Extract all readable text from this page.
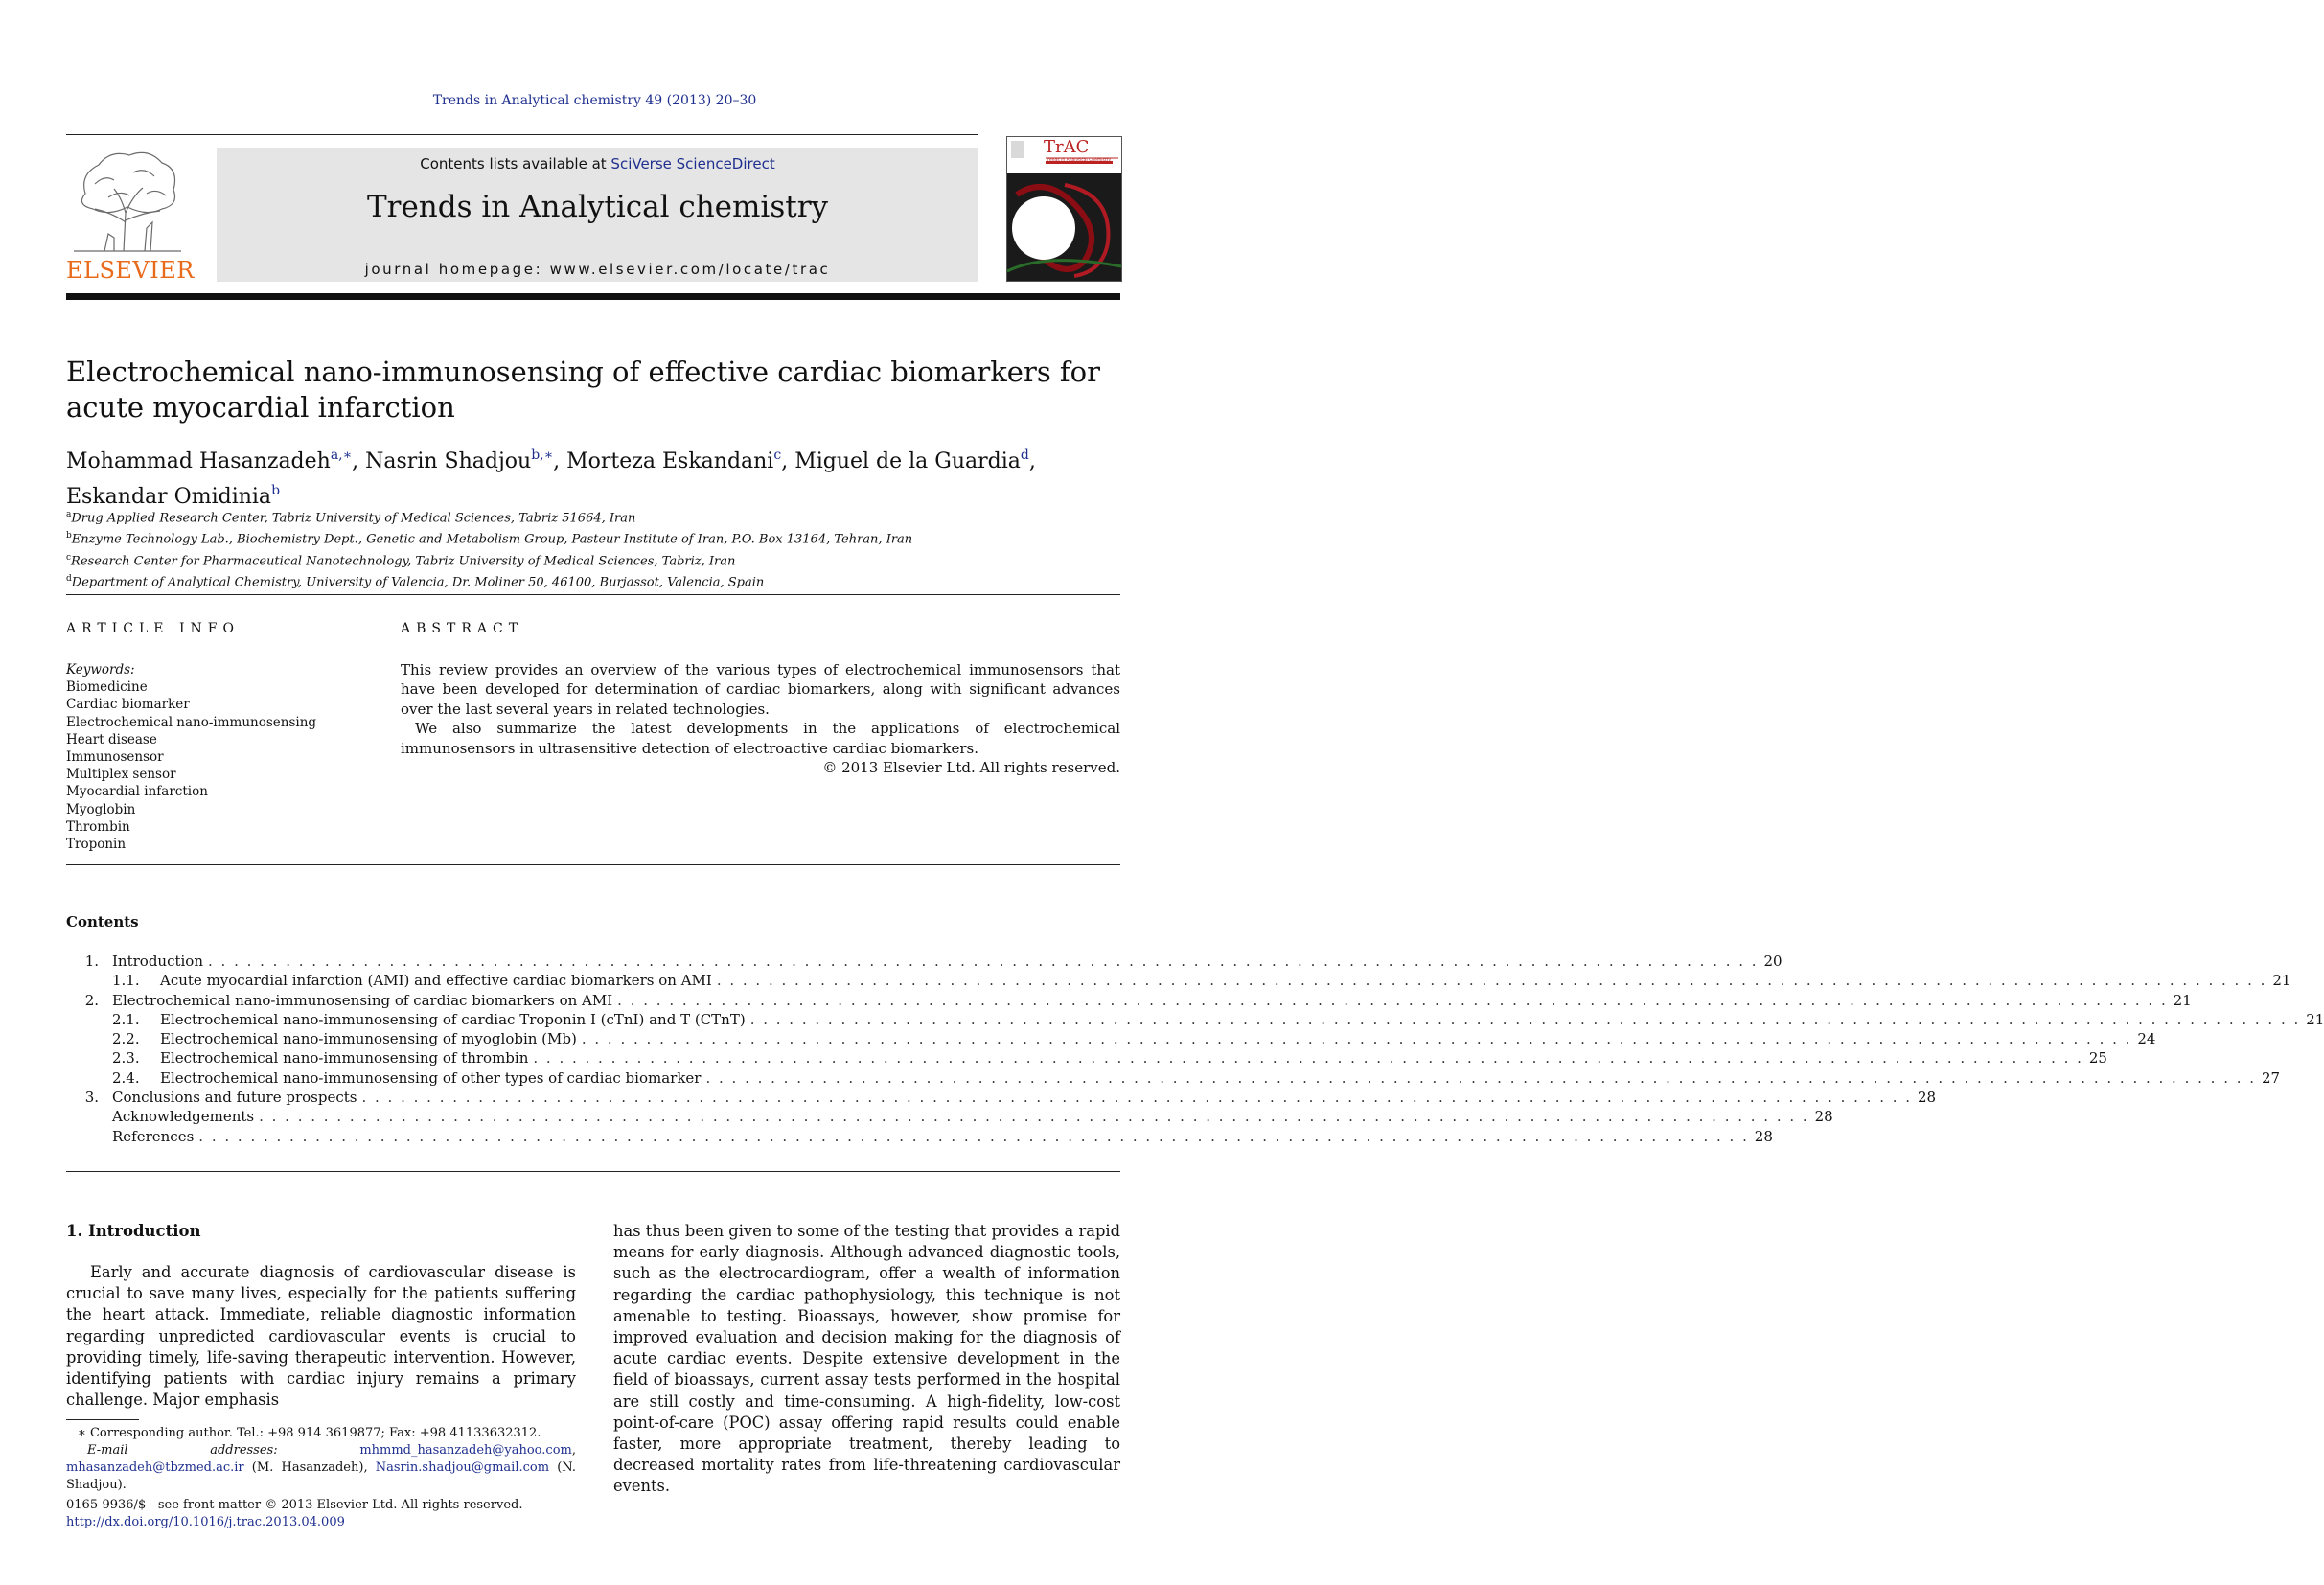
Trends in Analytical chemistry 49 (2013) 20–30
ELSEVIER
Contents lists available at SciVerse ScienceDirect
Trends in Analytical chemistry
journal homepage: www.elsevier.com/locate/trac
TrAC
Trends in Analytical Chemistry
Electrochemical nano-immunosensing of effective cardiac biomarkers for acute myocardial infarction
Mohammad Hasanzadeh$^{a,∗}$, Nasrin Shadjou$^{b,∗}$, Morteza Eskandani$^c$, Miguel de la Guardia$^d$,
Eskandar Omidinia$^b$
$^a$Drug Applied Research Center, Tabriz University of Medical Sciences, Tabriz 51664, Iran
$^b$Enzyme Technology Lab., Biochemistry Dept., Genetic and Metabolism Group, Pasteur Institute of Iran, P.O. Box 13164, Tehran, Iran
$^c$Research Center for Pharmaceutical Nanotechnology, Tabriz University of Medical Sciences, Tabriz, Iran
$^d$Department of Analytical Chemistry, University of Valencia, Dr. Moliner 50, 46100, Burjassot, Valencia, Spain
ARTICLE INFO
Keywords:
Biomedicine
Cardiac biomarker
Electrochemical nano-immunosensing
Heart disease
Immunosensor
Multiplex sensor
Myocardial infarction
Myoglobin
Thrombin
Troponin
ABSTRACT

This review provides an overview of the various types of electrochemical immunosensors that have been developed for determination of cardiac biomarkers, along with significant advances over the last several years in related technologies.

We also summarize the latest developments in the applications of electrochemical immunosensors in ultrasensitive detection of electroactive cardiac biomarkers.

© 2013 Elsevier Ltd. All rights reserved.

Contents
1. Introduction . . . . . . . . . . . . . . . . . . . . . . . . . . . . . . . . . . . . . . . . . . . . . . . . . . . . . . . . . . . . . . . . . . . . . . . . . . . . . . . . . . . . . . . . . . . . . . . . . . . . . . . . . . . . . . . . . . . . . . . . 20
1.1.	Acute myocardial infarction (AMI) and effective cardiac biomarkers on AMI . . . . . . . . . . . . . . . . . . . . . . . . . . . . . . . . . . . . . . . . . . . . . . . . . . . . . . . . . . . . . . . . . . . . . . . . . . . . . . . . . . . . . . . . . . . . . . . . . . . . . . . . . . . . . . . . . . . . . . . . 21
2. Electrochemical nano-immunosensing of cardiac biomarkers on AMI . . . . . . . . . . . . . . . . . . . . . . . . . . . . . . . . . . . . . . . . . . . . . . . . . . . . . . . . . . . . . . . . . . . . . . . . . . . . . . . . . . . . . . . . . . . . . . . . . . . . . . . . . . . . . . . . . . . . . . . . 21
2.1.	Electrochemical nano-immunosensing of cardiac Troponin I (cTnI) and T (CTnT) . . . . . . . . . . . . . . . . . . . . . . . . . . . . . . . . . . . . . . . . . . . . . . . . . . . . . . . . . . . . . . . . . . . . . . . . . . . . . . . . . . . . . . . . . . . . . . . . . . . . . . . . . . . . . . . . . . . . . . . . 21
2.2.	Electrochemical nano-immunosensing of myoglobin (Mb) . . . . . . . . . . . . . . . . . . . . . . . . . . . . . . . . . . . . . . . . . . . . . . . . . . . . . . . . . . . . . . . . . . . . . . . . . . . . . . . . . . . . . . . . . . . . . . . . . . . . . . . . . . . . . . . . . . . . . . . . 24
2.3.	Electrochemical nano-immunosensing of thrombin . . . . . . . . . . . . . . . . . . . . . . . . . . . . . . . . . . . . . . . . . . . . . . . . . . . . . . . . . . . . . . . . . . . . . . . . . . . . . . . . . . . . . . . . . . . . . . . . . . . . . . . . . . . . . . . . . . . . . . . . 25
2.4.	Electrochemical nano-immunosensing of other types of cardiac biomarker . . . . . . . . . . . . . . . . . . . . . . . . . . . . . . . . . . . . . . . . . . . . . . . . . . . . . . . . . . . . . . . . . . . . . . . . . . . . . . . . . . . . . . . . . . . . . . . . . . . . . . . . . . . . . . . . . . . . . . . . 27
3. Conclusions and future prospects . . . . . . . . . . . . . . . . . . . . . . . . . . . . . . . . . . . . . . . . . . . . . . . . . . . . . . . . . . . . . . . . . . . . . . . . . . . . . . . . . . . . . . . . . . . . . . . . . . . . . . . . . . . . . . . . . . . . . . . . 28
Acknowledgements . . . . . . . . . . . . . . . . . . . . . . . . . . . . . . . . . . . . . . . . . . . . . . . . . . . . . . . . . . . . . . . . . . . . . . . . . . . . . . . . . . . . . . . . . . . . . . . . . . . . . . . . . . . . . . . . . . . . . . . . 28
References . . . . . . . . . . . . . . . . . . . . . . . . . . . . . . . . . . . . . . . . . . . . . . . . . . . . . . . . . . . . . . . . . . . . . . . . . . . . . . . . . . . . . . . . . . . . . . . . . . . . . . . . . . . . . . . . . . . . . . . . 28
1. Introduction
Early and accurate diagnosis of cardiovascular disease is crucial to save many lives, especially for the patients suffering the heart attack. Immediate, reliable diagnostic information regarding unpredicted cardiovascular events is crucial to providing timely, life-saving therapeutic intervention. However, identifying patients with cardiac injury remains a primary challenge. Major emphasis
has thus been given to some of the testing that provides a rapid means for early diagnosis. Although advanced diagnostic tools, such as the electrocardiogram, offer a wealth of information regarding the cardiac pathophysiology, this technique is not amenable to testing. Bioassays, however, show promise for improved evaluation and decision making for the diagnosis of acute cardiac events. Despite extensive development in the field of bioassays, current assay tests performed in the hospital are still costly and time-consuming. A high-fidelity, low-cost point-of-care (POC) assay offering rapid results could enable faster, more appropriate treatment, thereby leading to decreased mortality rates from life-threatening cardiovascular events.
∗ Corresponding author. Tel.: +98 914 3619877; Fax: +98 41133632312.
E-mail addresses:	mhmmd_hasanzadeh@yahoo.com, mhasanzadeh@tbzmed.ac.ir (M. Hasanzadeh), Nasrin.shadjou@gmail.com (N. Shadjou).
0165-9936/$ - see front matter © 2013 Elsevier Ltd. All rights reserved.
http://dx.doi.org/10.1016/j.trac.2013.04.009
